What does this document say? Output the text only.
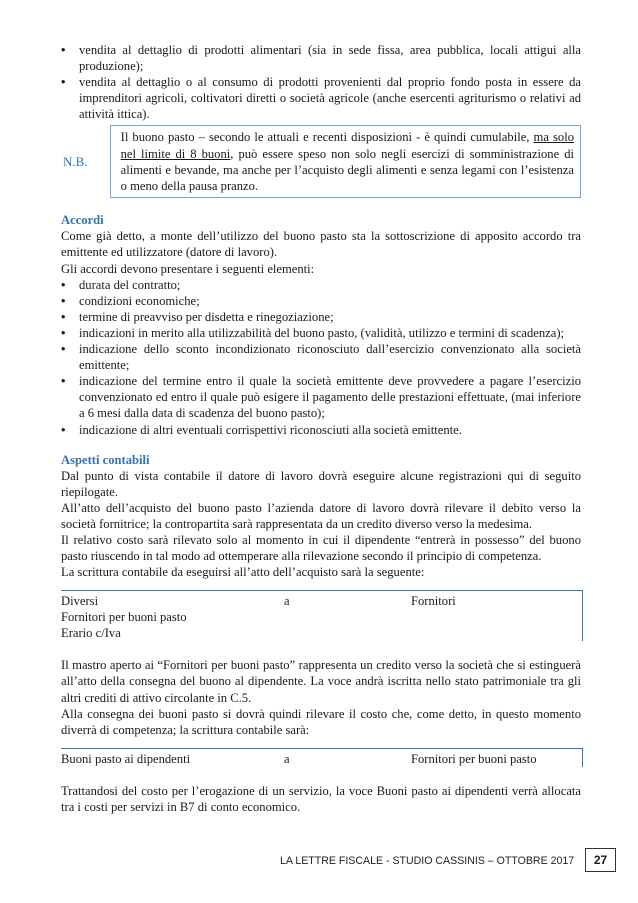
• vendita al dettaglio di prodotti alimentari (sia in sede fissa, area pubblica, locali attigui alla produzione);
• vendita al dettaglio o al consumo di prodotti provenienti dal proprio fondo posta in essere da imprenditori agricoli, coltivatori diretti o società agricole (anche esercenti agriturismo o relativi ad attività ittica).
N.B.
Il buono pasto – secondo le attuali e recenti disposizioni - è quindi cumulabile, ma solo nel limite di 8 buoni, può essere speso non solo negli esercizi di somministrazione di alimenti e bevande, ma anche per l’acquisto degli alimenti e senza legami con l’esistenza o meno della pausa pranzo.
Accordi

Come già detto, a monte dell’utilizzo del buono pasto sta la sottoscrizione di apposito accordo tra emittente ed utilizzatore (datore di lavoro).

Gli accordi devono presentare i seguenti elementi:

• durata del contratto;
• condizioni economiche;
• termine di preavviso per disdetta e rinegoziazione;
• indicazioni in merito alla utilizzabilità del buono pasto, (validità, utilizzo e termini di scadenza);
• indicazione dello sconto incondizionato riconosciuto dall’esercizio convenzionato alla società emittente;
• indicazione del termine entro il quale la società emittente deve provvedere a pagare l’esercizio convenzionato ed entro il quale può esigere il pagamento delle prestazioni effettuate, (mai inferiore a 6 mesi dalla data di scadenza del buono pasto);
• indicazione di altri eventuali corrispettivi riconosciuti alla società emittente.
Aspetti contabili

Dal punto di vista contabile il datore di lavoro dovrà eseguire alcune registrazioni qui di seguito riepilogate.

All’atto dell’acquisto del buono pasto l’azienda datore di lavoro dovrà rilevare il debito verso la società fornitrice; la contropartita sarà rappresentata da un credito diverso verso la medesima.

Il relativo costo sarà rilevato solo al momento in cui il dipendente “entrerà in possesso” del buono pasto riuscendo in tal modo ad ottemperare alla rilevazione secondo il principio di competenza.

La scrittura contabile da eseguirsi all’atto dell’acquisto sarà la seguente:

Diversi	a	Fornitori
Fornitori per buoni pasto
Erario c/Iva

Il mastro aperto ai “Fornitori per buoni pasto” rappresenta un credito verso la società che si estinguerà all’atto della consegna del buono al dipendente. La voce andrà iscritta nello stato patrimoniale tra gli altri crediti di attivo circolante in C.5.

Alla consegna dei buoni pasto si dovrà quindi rilevare il costo che, come detto, in questo momento diverrà di competenza; la scrittura contabile sarà:

Buoni pasto ai dipendenti	a	Fornitori per buoni pasto

Trattandosi del costo per l’erogazione di un servizio, la voce Buoni pasto ai dipendenti verrà allocata tra i costi per servizi in B7 di conto economico.

LA LETTRE FISCALE - STUDIO CASSINIS – OTTOBRE 2017	27
